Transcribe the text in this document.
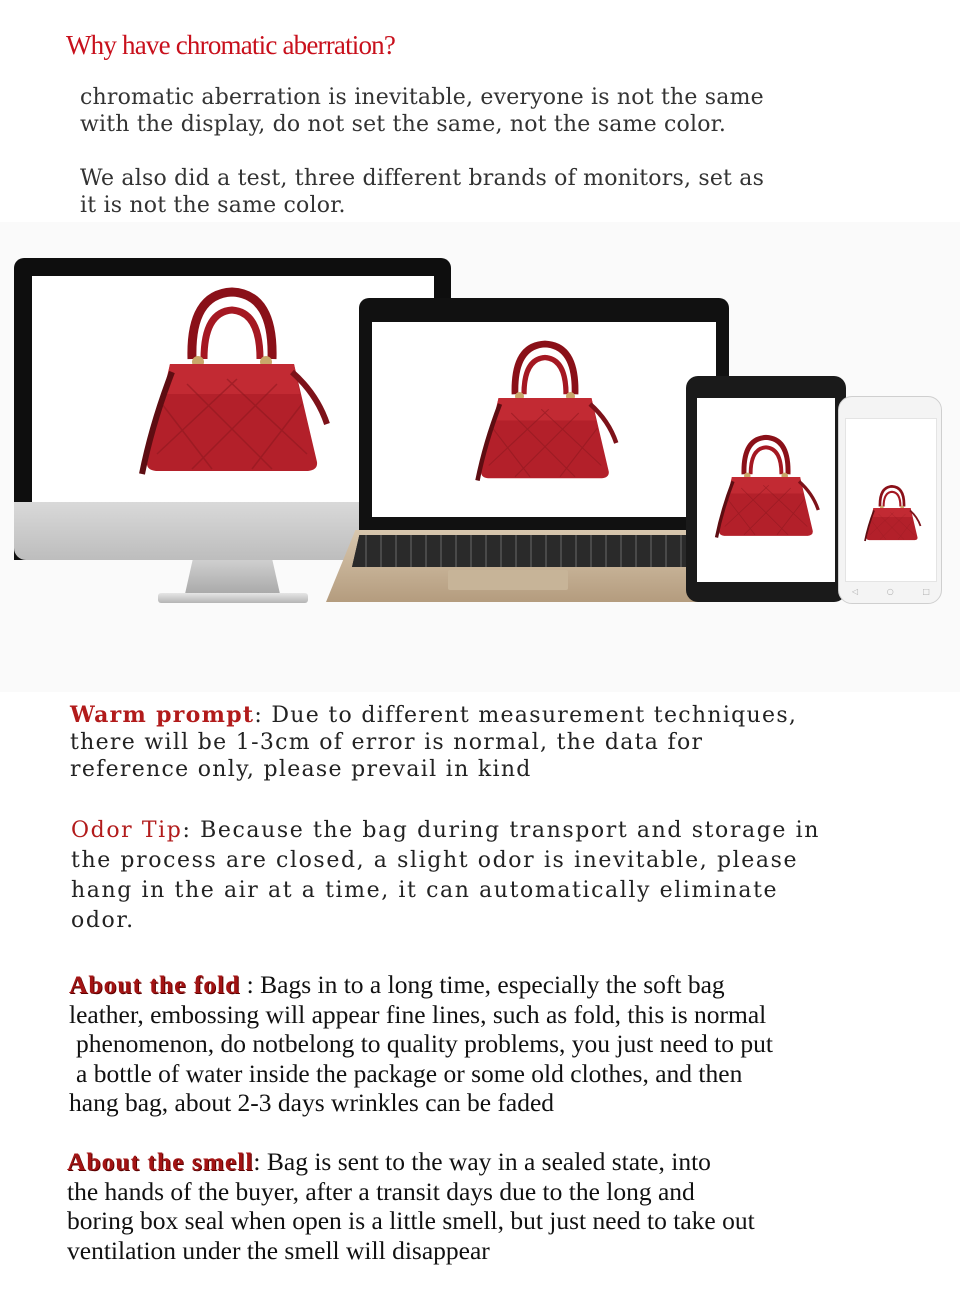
Why have chromatic aberration?
chromatic aberration is inevitable, everyone is not the same
with the display, do not set the same, not the same color.
We also did a test, three different brands of monitors, set as
it is not the same color.
◁	○	□

Warm prompt: Due to different measurement techniques,
there will be 1-3cm of error is normal, the data for
reference only, please prevail in kind

Odor Tip: Because the bag during transport and storage in
the process are closed, a slight odor is inevitable, please
hang in the air at a time, it can automatically eliminate
odor.

About the fold : Bags in to a long time, especially the soft bag
leather, embossing will appear fine lines, such as fold, this is normal
phenomenon, do notbelong to quality problems, you just need to put
a bottle of water inside the package or some old clothes, and then
hang bag, about 2-3 days wrinkles can be faded

About the smell: Bag is sent to the way in a sealed state, into
the hands of the buyer, after a transit days due to the long and
boring box seal when open is a little smell, but just need to take out
ventilation under the smell will disappear
